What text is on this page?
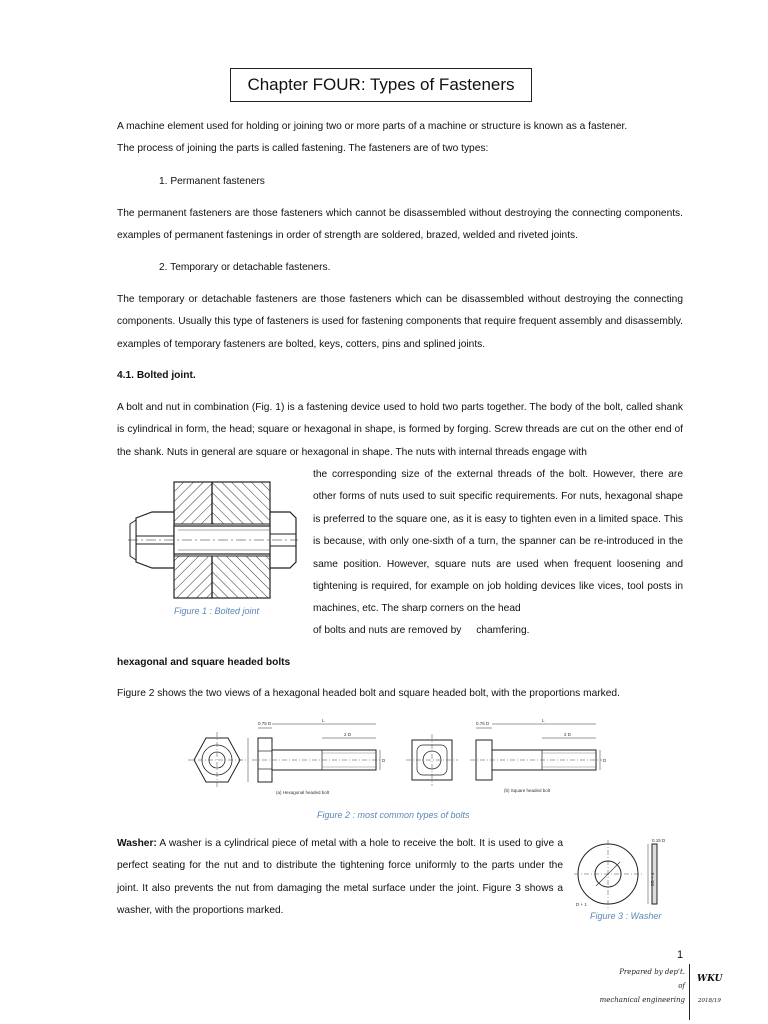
Chapter FOUR: Types of Fasteners
A machine element used for holding or joining two or more parts of a machine or structure is known as a fastener.
The process of joining the parts is called fastening. The fasteners are of two types:
1. Permanent fasteners
The permanent fasteners are those fasteners which cannot be disassembled without destroying the connecting components. examples of permanent fastenings in order of strength are soldered, brazed, welded and riveted joints.
2. Temporary or detachable fasteners.
The temporary or detachable fasteners are those fasteners which can be disassembled without destroying the connecting components. Usually this type of fasteners is used for fastening components that require frequent assembly and disassembly. examples of temporary fasteners are bolted, keys, cotters, pins and splined joints.
4.1. Bolted joint.
A bolt and nut in combination (Fig. 1) is a fastening device used to hold two parts together. The body of the bolt, called shank is cylindrical in form, the head; square or hexagonal in shape, is formed by forging. Screw threads are cut on the other end of the shank. Nuts in general are square or hexagonal in shape. The nuts with internal threads engage with
the corresponding size of the external threads of the bolt. However, there are other forms of nuts used to suit specific requirements. For nuts, hexagonal shape is preferred to the square one, as it is easy to tighten even in a limited space. This is because, with only one-sixth of a turn, the spanner can be re-introduced in the same position. However, square nuts are used when frequent loosening and tightening is required, for example on job holding devices like vices, tool posts in machines, etc. The sharp corners on the head
of bolts and nuts are removed by chamfering.
Figure 1 : Bolted joint
hexagonal and square headed bolts
Figure 2 shows the two views of a hexagonal headed bolt and square headed bolt, with the proportions marked.
0.75 D
L
2 D
D
(a) Hexagonal headed bolt
0.75 D
L
2 D
D
(b) Square headed bolt
Figure 2 : most common types of bolts
Washer: A washer is a cylindrical piece of metal with a hole to receive the bolt. It is used to give a perfect seating for the nut and to distribute the tightening force uniformly to the parts under the joint. It also prevents the nut from damaging the metal surface under the joint. Figure 3 shows a washer, with the proportions marked.
0.15 D
2D + 4
D + 1
Figure 3 : Washer
1
Prepared by dep't.
of
mechanical engineering
WKU
2018/19
